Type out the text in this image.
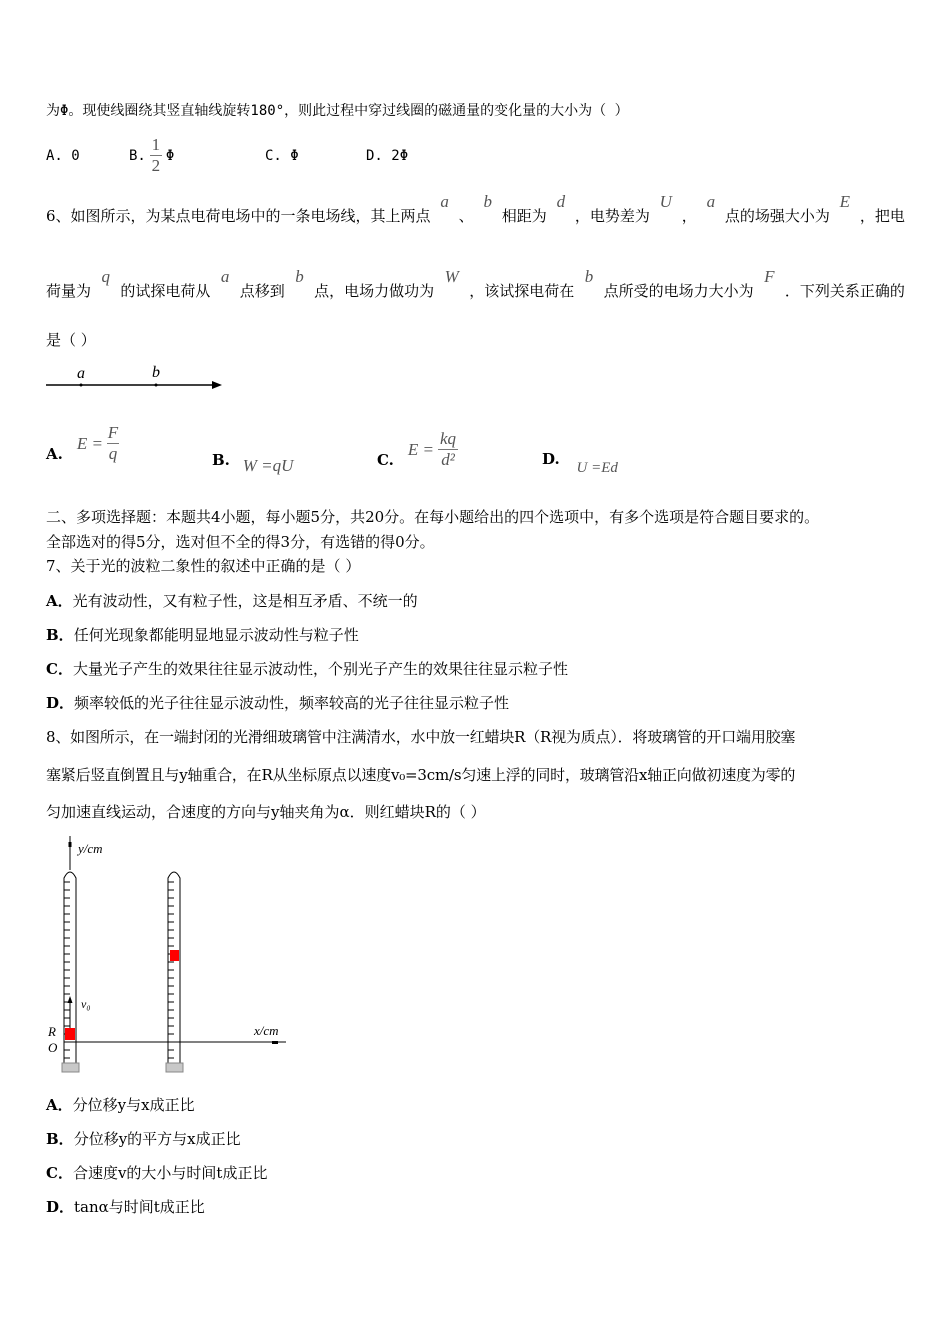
为Φ。现使线圈绕其竖直轴线旋转180°，则此过程中穿过线圈的磁通量的变化量的大小为（ ）
A. 0	B. $\frac{1}{2}$ Φ	C. Φ	D. 2Φ
6、如图所示，为某点电荷电场中的一条电场线，其上两点
a
、
b
相距为
d
，电势差为
U
，
a
点的场强大小为
E
，把电
荷量为
q
的试探电荷从
a
点移到
b
点，电场力做功为
W
，该试探电荷在
b
点所受的电场力大小为
F
．下列关系正确的
是（ ）
a	b
A.
$E = \frac{F}{q}$	B. W =qU	C.
$E = \frac{kq}{\text{d²}}$	D. U =Ed
二、多项选择题：本题共4小题，每小题5分，共20分。在每小题给出的四个选项中，有多个选项是符合题目要求的。
全部选对的得5分，选对但不全的得3分，有选错的得0分。
7、关于光的波粒二象性的叙述中正确的是（ ）
A．光有波动性，又有粒子性，这是相互矛盾、不统一的
B．任何光现象都能明显地显示波动性与粒子性
C．大量光子产生的效果往往显示波动性，个别光子产生的效果往往显示粒子性
D．频率较低的光子往往显示波动性，频率较高的光子往往显示粒子性
8、如图所示，在一端封闭的光滑细玻璃管中注满清水，水中放一红蜡块R（R视为质点）．将玻璃管的开口端用胶塞
塞紧后竖直倒置且与y轴重合，在R从坐标原点以速度v₀=3cm/s匀速上浮的同时，玻璃管沿x轴正向做初速度为零的
匀加速直线运动，合速度的方向与y轴夹角为α．则红蜡块R的（ ）
y/cm
x/cm
v₀
R
O
A．分位移y与x成正比
B．分位移y的平方与x成正比
C．合速度v的大小与时间t成正比
D．tanα与时间t成正比
